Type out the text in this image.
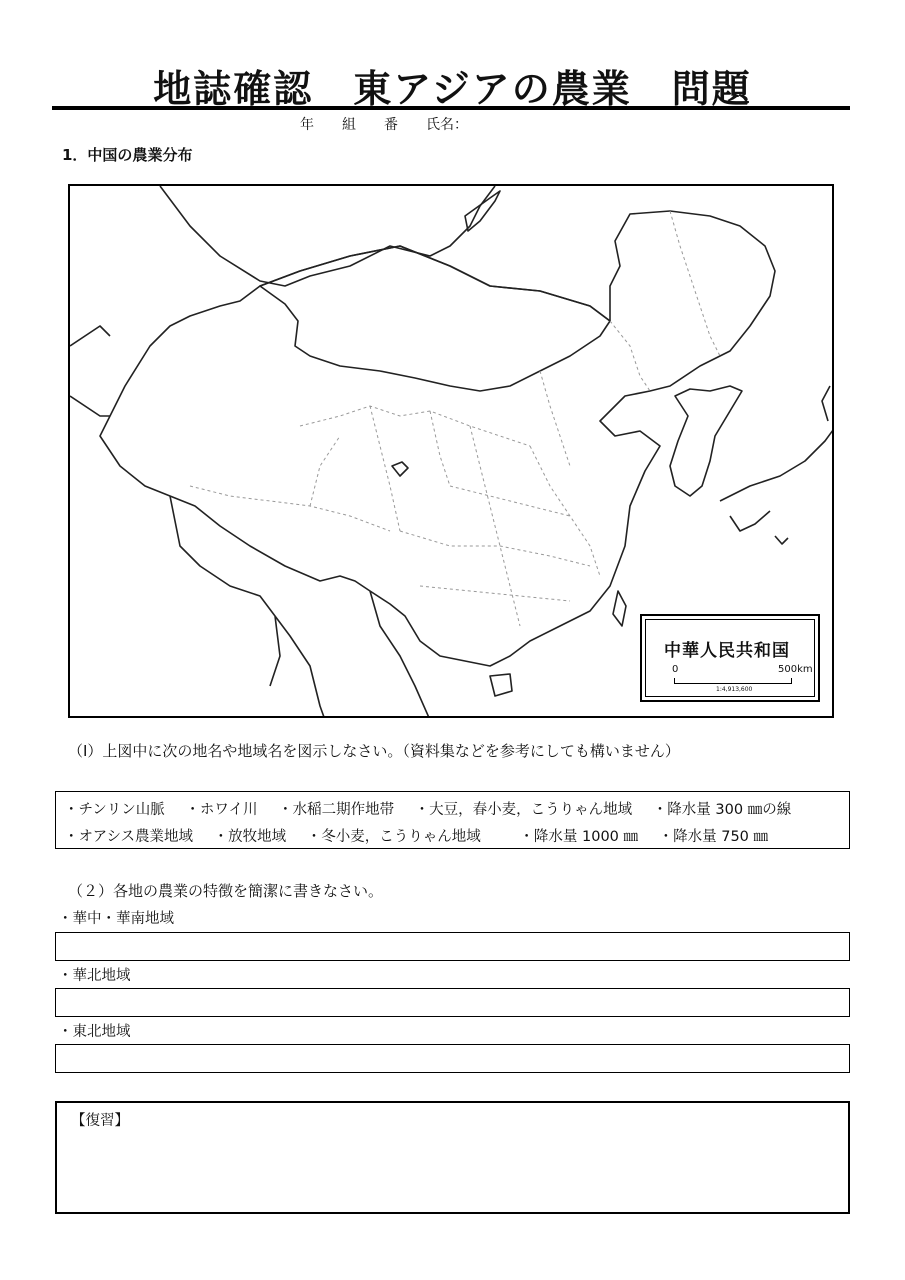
地誌確認　東アジアの農業　問題
年　　組　　番　　氏名：
1．中国の農業分布
中華人民共和国
0	500km
1:4,913,600
（Ⅰ）上図中に次の地名や地域名を図示しなさい。（資料集などを参考にしても構いません）
・チンリン山脈 ・ホワイ川 ・水稲二期作地帯 ・大豆，春小麦，こうりゃん地域 ・降水量 300 ㎜の線
・オアシス農業地域 ・放牧地域 ・冬小麦，こうりゃん地域	・降水量 1000 ㎜ ・降水量 750 ㎜
（２）各地の農業の特徴を簡潔に書きなさい。
・華中・華南地域
・華北地域
・東北地域
【復習】
